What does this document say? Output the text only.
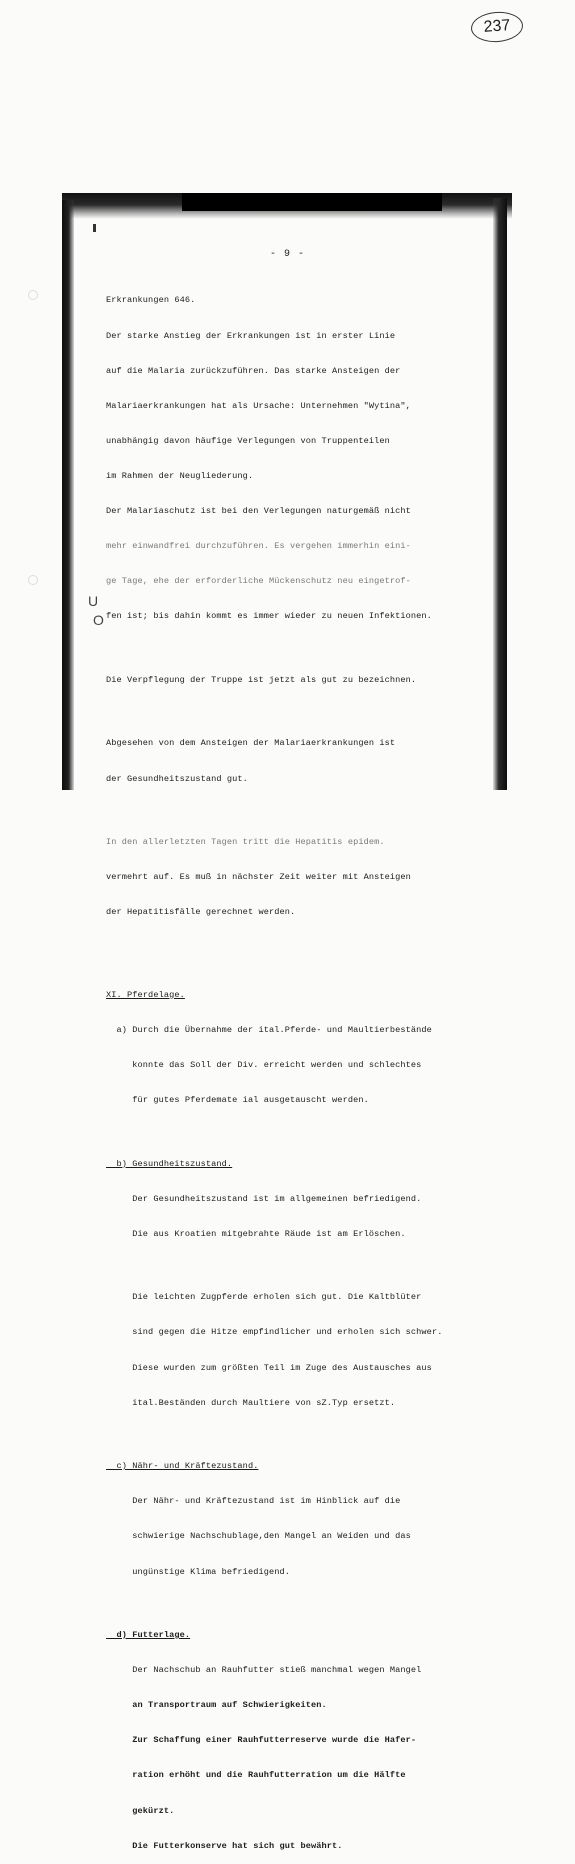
237
- 9 -
U
O

Erkrankungen 646.

Der starke Anstieg der Erkrankungen ist in erster Linie

auf die Malaria zurückzuführen. Das starke Ansteigen der

Malariaerkrankungen hat als Ursache: Unternehmen "Wytina",

unabhängig davon häufige Verlegungen von Truppenteilen

im Rahmen der Neugliederung.

Der Malariaschutz ist bei den Verlegungen naturgemäß nicht

mehr einwandfrei durchzuführen. Es vergehen immerhin eini-

ge Tage, ehe der erforderliche Mückenschutz neu eingetrof-

fen ist; bis dahin kommt es immer wieder zu neuen Infektionen.

Die Verpflegung der Truppe ist jetzt als gut zu bezeichnen.

Abgesehen von dem Ansteigen der Malariaerkrankungen ist

der Gesundheitszustand gut.

In den allerletzten Tagen tritt die Hepatitis epidem.

vermehrt auf. Es muß in nächster Zeit weiter mit Ansteigen

der Hepatitisfälle gerechnet werden.

XI. Pferdelage.

a) Durch die Übernahme der ital.Pferde- und Maultierbestände

konnte das Soll der Div. erreicht werden und schlechtes

für gutes Pferdemate ial ausgetauscht werden.

b) Gesundheitszustand.

Der Gesundheitszustand ist im allgemeinen befriedigend.

Die aus Kroatien mitgebrahte Räude ist am Erlöschen.

Die leichten Zugpferde erholen sich gut. Die Kaltblüter

sind gegen die Hitze empfindlicher und erholen sich schwer.

Diese wurden zum größten Teil im Zuge des Austausches aus

ital.Beständen durch Maultiere von sZ.Typ ersetzt.

c) Nähr- und Kräftezustand.

Der Nähr- und Kräftezustand ist im Hinblick auf die

schwierige Nachschublage,den Mangel an Weiden und das

ungünstige Klima befriedigend.

d) Futterlage.

Der Nachschub an Rauhfutter stieß manchmal wegen Mangel

an Transportraum auf Schwierigkeiten.

Zur Schaffung einer Rauhfutterreserve wurde die Hafer-

ration erhöht und die Rauhfutterration um die Hälfte

gekürzt.

Die Futterkonserve hat sich gut bewährt.
